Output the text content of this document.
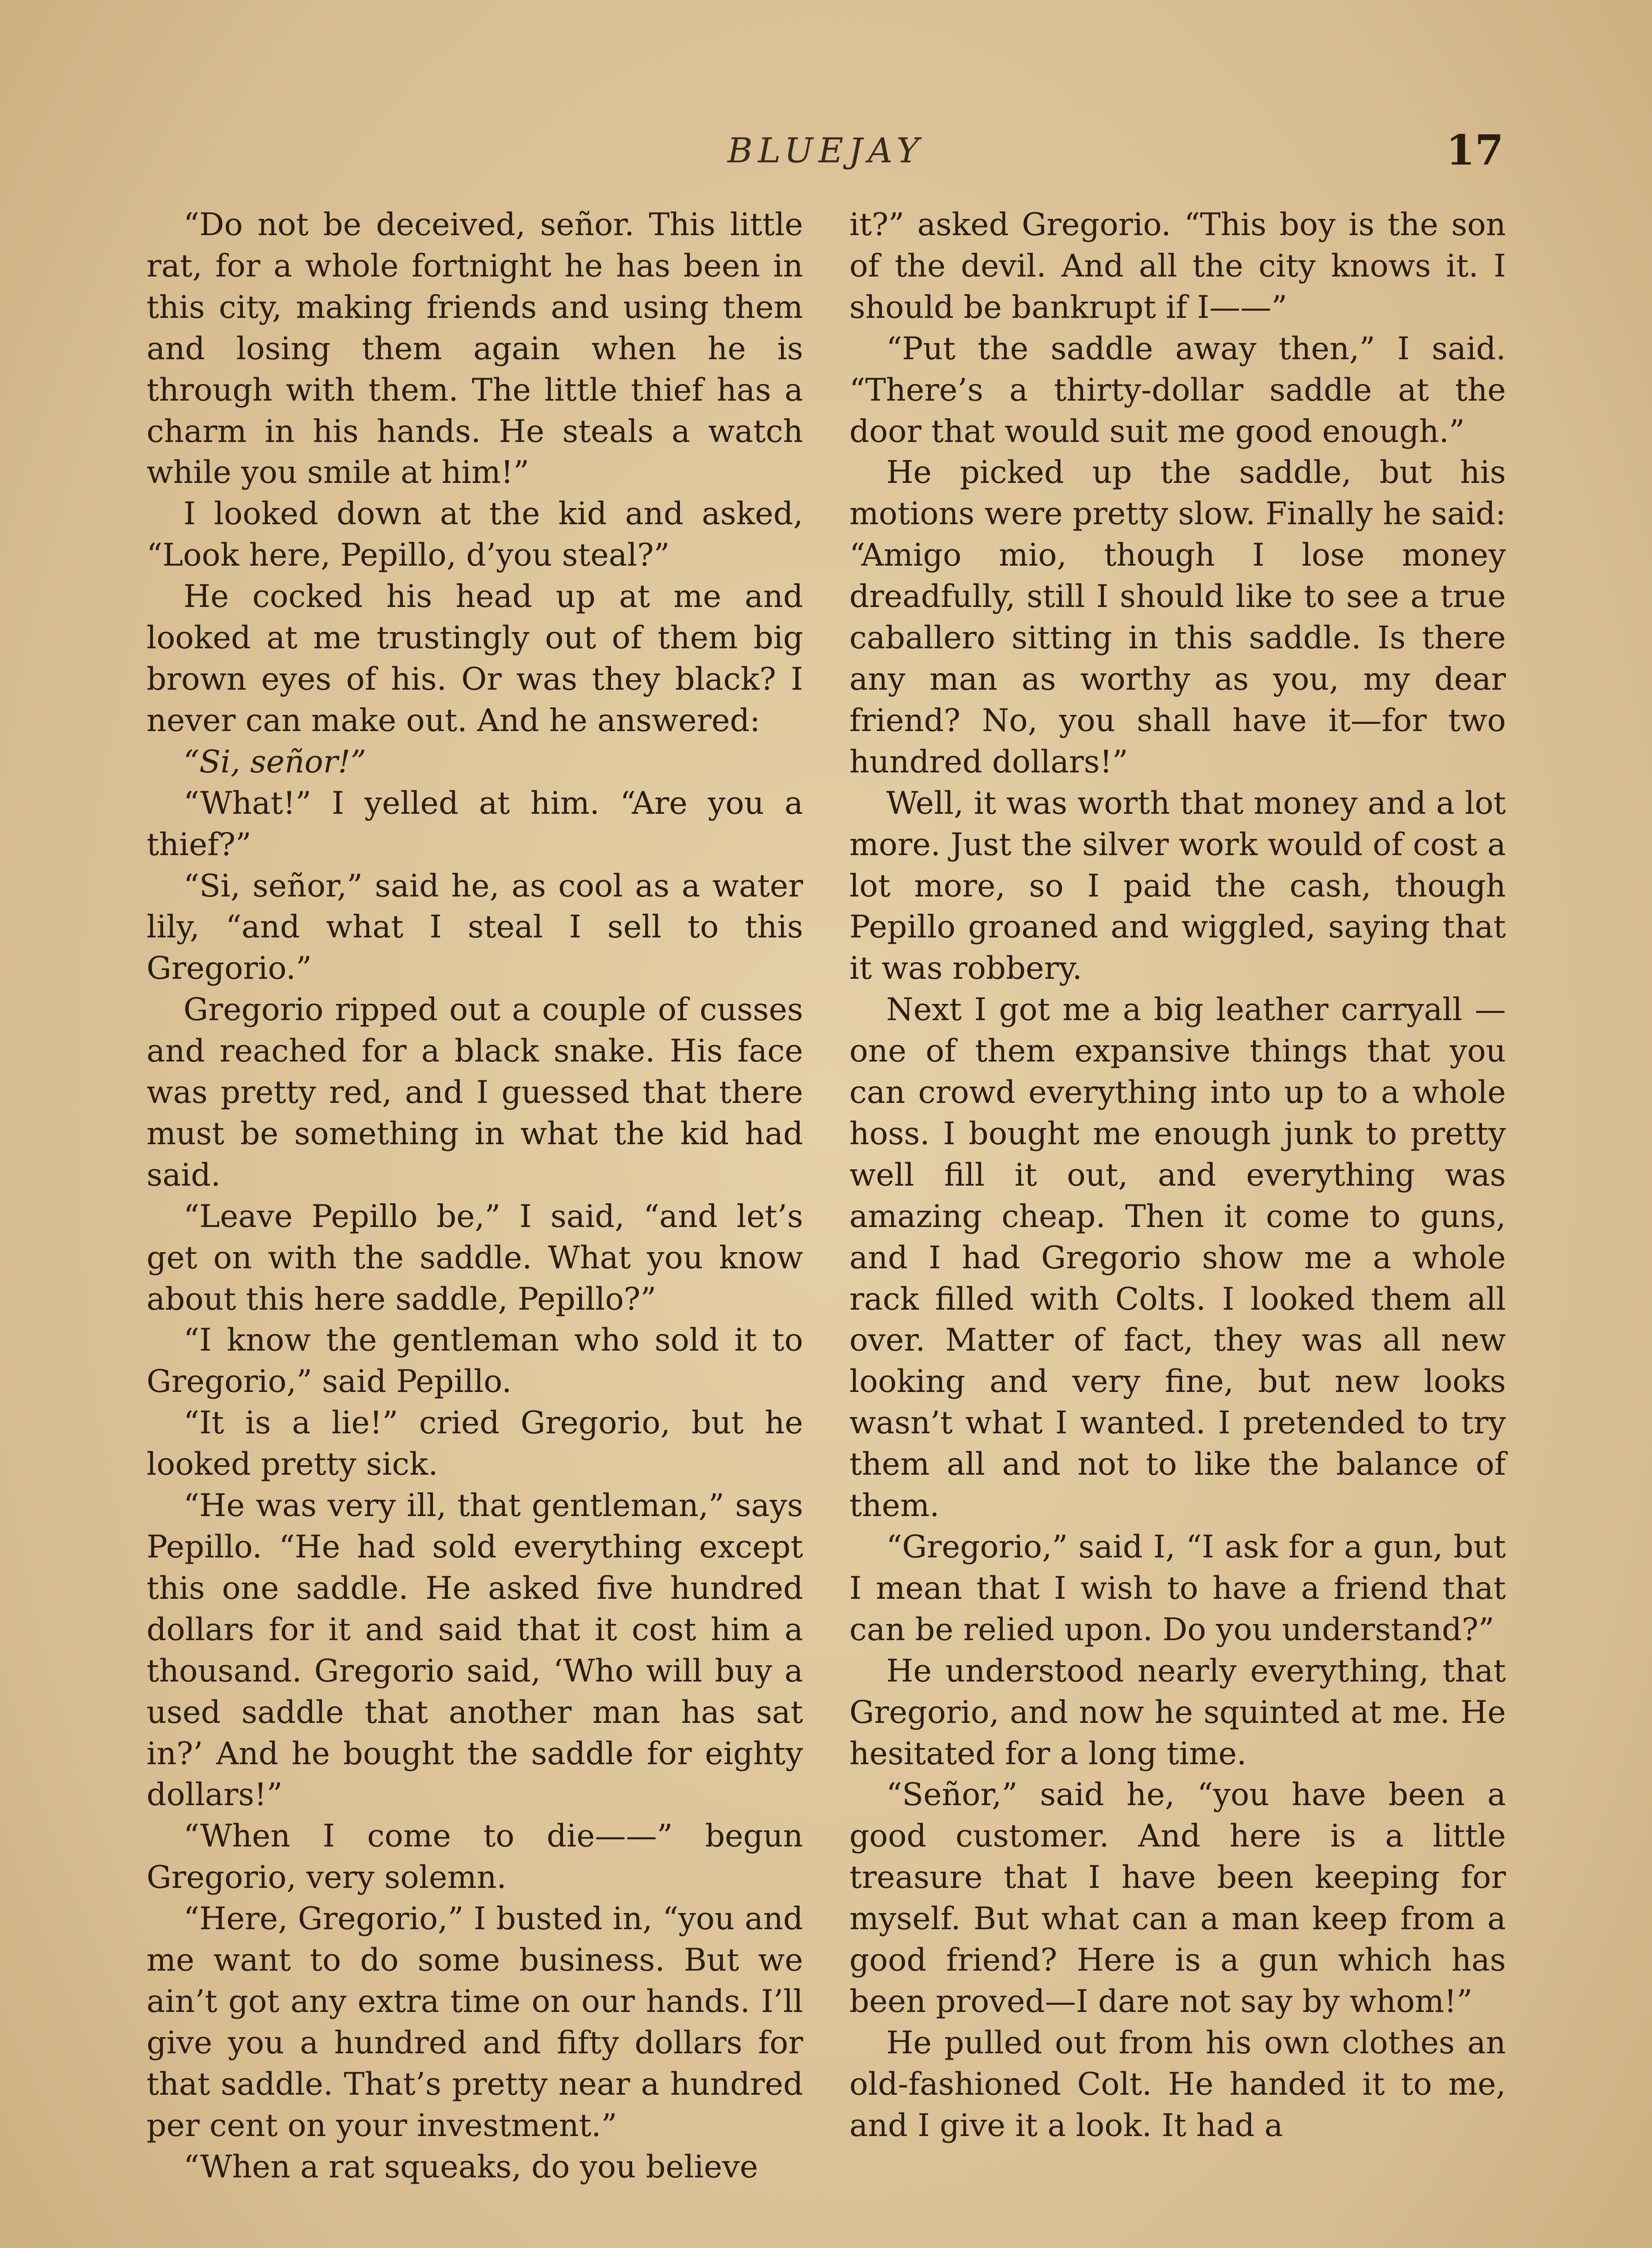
BLUEJAY	17

“Do not be deceived, señor. This little rat, for a whole fortnight he has been in this city, making friends and using them and losing them again when he is through with them. The little thief has a charm in his hands. He steals a watch while you smile at him!”

I looked down at the kid and asked, “Look here, Pepillo, d’you steal?”

He cocked his head up at me and looked at me trustingly out of them big brown eyes of his. Or was they black? I never can make out. And he answered:

“Si, señor!”

“What!” I yelled at him. “Are you a thief?”

“Si, señor,” said he, as cool as a water lily, “and what I steal I sell to this Gregorio.”

Gregorio ripped out a couple of cusses and reached for a black snake. His face was pretty red, and I guessed that there must be something in what the kid had said.

“Leave Pepillo be,” I said, “and let’s get on with the saddle. What you know about this here saddle, Pepillo?”

“I know the gentleman who sold it to Gregorio,” said Pepillo.

“It is a lie!” cried Gregorio, but he looked pretty sick.

“He was very ill, that gentleman,” says Pepillo. “He had sold everything except this one saddle. He asked five hundred dollars for it and said that it cost him a thousand. Gregorio said, ‘Who will buy a used saddle that another man has sat in?’ And he bought the saddle for eighty dollars!”

“When I come to die——” begun Gregorio, very solemn.

“Here, Gregorio,” I busted in, “you and me want to do some business. But we ain’t got any extra time on our hands. I’ll give you a hundred and fifty dollars for that saddle. That’s pretty near a hundred per cent on your investment.”

“When a rat squeaks, do you believe

it?” asked Gregorio. “This boy is the son of the devil. And all the city knows it. I should be bankrupt if I——”

“Put the saddle away then,” I said. “There’s a thirty-dollar saddle at the door that would suit me good enough.”

He picked up the saddle, but his motions were pretty slow. Finally he said: “Amigo mio, though I lose money dreadfully, still I should like to see a true caballero sitting in this saddle. Is there any man as worthy as you, my dear friend? No, you shall have it—for two hundred dollars!”

Well, it was worth that money and a lot more. Just the silver work would of cost a lot more, so I paid the cash, though Pepillo groaned and wiggled, saying that it was robbery.

Next I got me a big leather carryall —one of them expansive things that you can crowd everything into up to a whole hoss. I bought me enough junk to pretty well fill it out, and everything was amazing cheap. Then it come to guns, and I had Gregorio show me a whole rack filled with Colts. I looked them all over. Matter of fact, they was all new looking and very fine, but new looks wasn’t what I wanted. I pretended to try them all and not to like the balance of them.

“Gregorio,” said I, “I ask for a gun, but I mean that I wish to have a friend that can be relied upon. Do you understand?”

He understood nearly everything, that Gregorio, and now he squinted at me. He hesitated for a long time.

“Señor,” said he, “you have been a good customer. And here is a little treasure that I have been keeping for myself. But what can a man keep from a good friend? Here is a gun which has been proved—I dare not say by whom!”

He pulled out from his own clothes an old-fashioned Colt. He handed it to me, and I give it a look. It had a
